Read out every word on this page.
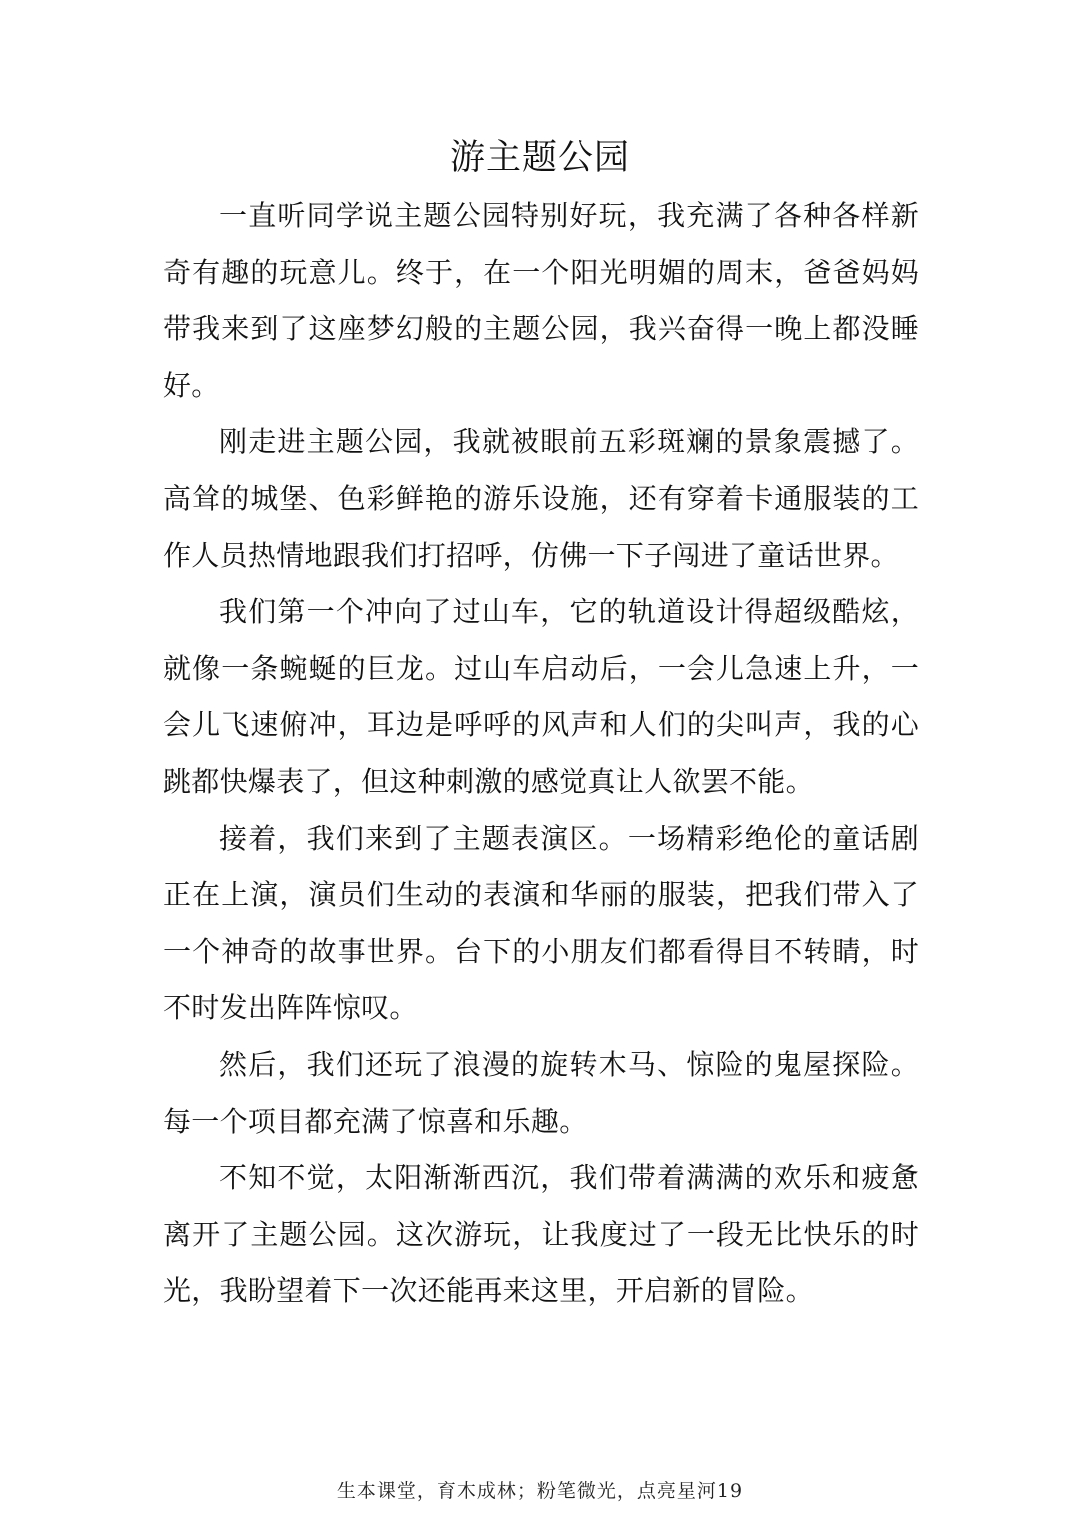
游主题公园

一直听同学说主题公园特别好玩，我充满了各种各样新奇有趣的玩意儿。终于，在一个阳光明媚的周末，爸爸妈妈带我来到了这座梦幻般的主题公园，我兴奋得一晚上都没睡好。

刚走进主题公园，我就被眼前五彩斑斓的景象震撼了。高耸的城堡、色彩鲜艳的游乐设施，还有穿着卡通服装的工作人员热情地跟我们打招呼，仿佛一下子闯进了童话世界。

我们第一个冲向了过山车，它的轨道设计得超级酷炫，就像一条蜿蜒的巨龙。过山车启动后，一会儿急速上升，一会儿飞速俯冲，耳边是呼呼的风声和人们的尖叫声，我的心跳都快爆表了，但这种刺激的感觉真让人欲罢不能。

接着，我们来到了主题表演区。一场精彩绝伦的童话剧正在上演，演员们生动的表演和华丽的服装，把我们带入了一个神奇的故事世界。台下的小朋友们都看得目不转睛，时不时发出阵阵惊叹。

然后，我们还玩了浪漫的旋转木马、惊险的鬼屋探险。每一个项目都充满了惊喜和乐趣。

不知不觉，太阳渐渐西沉，我们带着满满的欢乐和疲惫离开了主题公园。这次游玩，让我度过了一段无比快乐的时光，我盼望着下一次还能再来这里，开启新的冒险。

生本课堂，育木成林；粉笔微光，点亮星河19
